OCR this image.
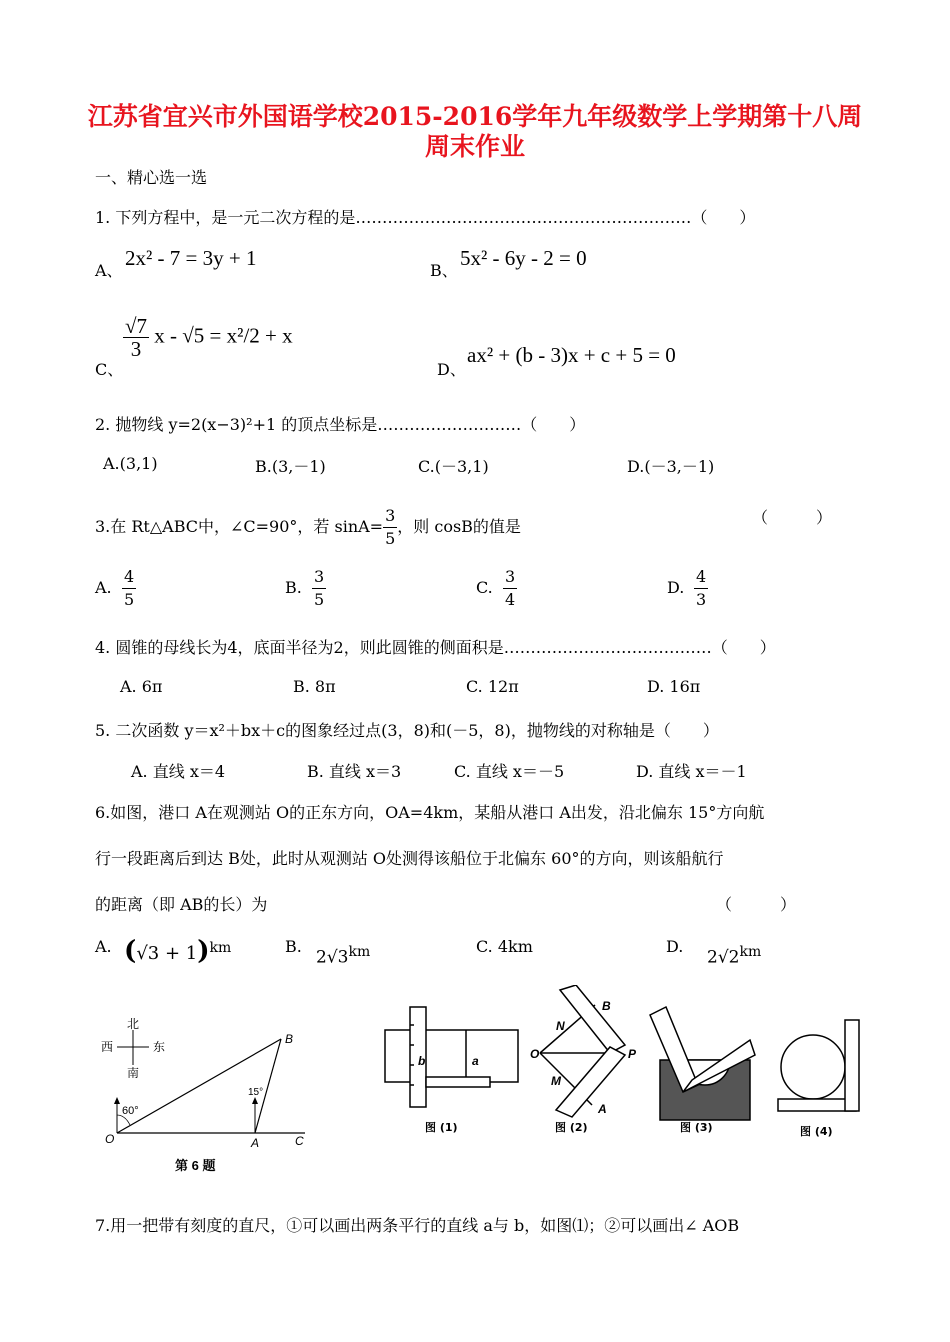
江苏省宜兴市外国语学校2015-2016学年九年级数学上学期第十八周
周末作业
一、精心选一选
1. 下列方程中，是一元二次方程的是………………………………………………………（　　）
A、
2x² - 7 = 3y + 1
B、
5x² - 6y - 2 = 0
C、
$\frac{√7}{3}$ x - √5 = x²/2 + x
D、
ax² + (b - 3)x + c + 5 = 0
2. 抛物线 y=2(x−3)²+1 的顶点坐标是………………………（　　）
A.(3,1)	B.(3,－1)	C.(－3,1)	D.(－3,－1)
3.在 Rt△ABC中，∠C=90°，若 $\sin A= \frac{3}{5}$ ，则 cosB的值是	（　　　）
A. $\frac{4}{5}$	B. $\frac{3}{5}$	C. $\frac{3}{4}$	D. $\frac{4}{3}$
4. 圆锥的母线长为4，底面半径为2，则此圆锥的侧面积是…………………………………（　　）
A. 6π	B. 8π	C. 12π	D. 16π
5. 二次函数 y＝x²＋bx＋c的图象经过点(3，8)和(－5，8)，抛物线的对称轴是（　　）
A. 直线 x＝4	B. 直线 x＝3	C. 直线 x＝－5	D. 直线 x＝－1
6.如图，港口 A在观测站 O的正东方向，OA=4km，某船从港口 A出发，沿北偏东 15°方向航
行一段距离后到达 B处，此时从观测站 O处测得该船位于北偏东 60°的方向，则该船航行
的距离（即 AB的长）为	（　　　）
A. $(√3 + 1)^{km}$	B.
$2√3^{km}$	C. 4km	D.
$2√2^{km}$
北
西	东
南
60°
15°
O	A
B
C
第 6 题
b	a	O	P
N
M
B
A
图 (1)	图 (2)	图 (3)	图 (4)
7.用一把带有刻度的直尺，①可以画出两条平行的直线 a与 b，如图⑴；②可以画出∠ AOB
